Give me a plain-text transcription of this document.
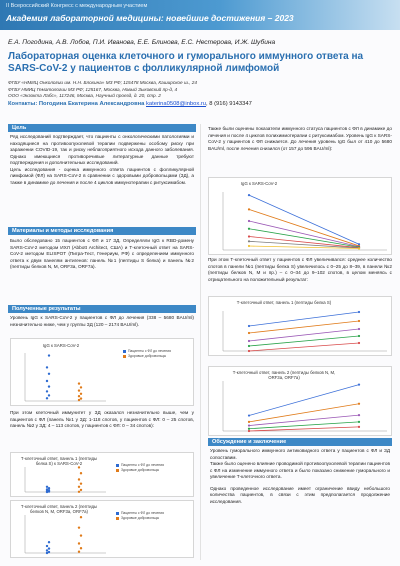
II Всероссийский Конгресс с международным участием
Академия лабораторной медицины: новейшие достижения – 2023
Е.А. Погодина, А.В. Лобов, П.И. Иванова, Е.Е. Блинова, Е.С. Нестерова, И.Ж. Шубина
Лабораторная оценка клеточного и гуморального иммунного ответа на SARS-CoV-2 у пациентов с фолликулярной лимфомой
ФГБУ «НМИЦ Онкологии им. Н.Н. Блохина» МЗ РФ; 115478 Москва, Каширское ш., 24
ФГБУ НМИЦ Гематологии МЗ РФ; 125167, Москва, Новый Зыковский пр-д, 4
ООО «Экзокта Лабс», 117246, Москва, Научный проезд, д. 20, стр. 2
Контакты: Погодина Екатерина Александровна katerina0508@inbox.ru, 8 (916) 9143347
Цель

Ряд исследований подтверждает, что пациенты с онкологическими патологиями и находящиеся на противоопухолевой терапии подвержены особому риску при заражении COVID-19, так и риску неблагоприятного исхода данного заболевания. Однако имеющиеся противоречивые литературные данные требуют подтверждения и дополнительных исследований.

Цель исследования - оценка иммунного ответа пациентов с фолликулярной лимфомой (ФЛ) на SARS-CoV-2 в сравнении с здоровыми добровольцами (ЗД), а также в динамике до лечения и после 4 циклов иммунотерапии с ритуксимабом.

Материалы и методы исследования
Было обследовано 15 пациентов с ФЛ и 17 ЗД. Определяли IgG к RBD-домену SARS-CoV-2 методом ИХЛ (Abbott Architect, США) и Т-клеточный ответ на SARS-CoV-2 методом ELISPOT (Пигра-Тест, Генериум, РФ) с определением иммунного ответа к двум панелям антигенов: панель №1 (пептиды S белка) и панель №2 (пептиды белков N, M, ORF3a, ORF7a).
Полученные результаты
Уровень IgG к SARS-CoV-2 у пациентов с ФЛ до лечения (338 – 5680 BAU/ml) незначительно ниже, чем у группы ЗД (120 – 2174 BAU/ml).
IgG к SARS-CoV-2
Пациенты с ФЛ до лечения
Здоровые добровольцы
При этом клеточный иммунитет у ЗД оказался незначительно выше, чем у пациентов с ФЛ (панель №1 у ЗД: 1-118 спотов, у пациентов с ФЛ: 0 – 25 спотов, панель №2 у ЗД: 4 – 113 спотов, у пациентов с ФЛ: 0 – 34 спотов):
Т-клеточный ответ, панель 1 (пептиды белка S) к SARS-CoV-2	Пациенты с ФЛ до лечения
Здоровые добровольцы
Т-клеточный ответ, панель 2 (пептиды белков N, M, ORF3a, ORF7a)	Пациенты с ФЛ до лечения
Здоровые добровольцы
Также были оценены показатели иммунного статуса пациентов с ФЛ в динамике до лечения и после 4 циклов полихимиотерапии с ритуксимабом. Уровень IgG к SARS-CoV-2 у пациентов с ФЛ снижается. До лечения уровень IgG был от 410 до 5680 BAU/ml, после лечения снизился (от 157 до 596 BAU/ml):
IgG к SARS-CoV-2
При этом Т-клеточный ответ у пациентов с ФЛ увеличивался: среднее количество спотов в панели №1 (пептиды белка S) увеличилось с 0–25 до 8–39, в панели №2 (пептиды белков N, M и пр.) – с 0–34 до 9–102 спотов, в целом меняясь с отрицательного на положительный результат:
Т-клеточный ответ, панель 1 (пептиды белка S)
Т-клеточный ответ, панель 2 (пептиды белков N, M, ORF3a, ORF7a)
Обсуждение и заключение

Уровень гуморального иммунного антиковидного ответа у пациентов с ФЛ и ЗД сопоставим.

Также было оценено влияние проводимой противоопухолевой терапии пациентов с ФЛ на изменение иммунного ответа и было показано снижение гуморального и увеличение Т-клеточного ответа.

Однако проведенное исследование имеет ограничение ввиду небольшого количества пациентов, в связи с этим предполагается продолжение исследования.
